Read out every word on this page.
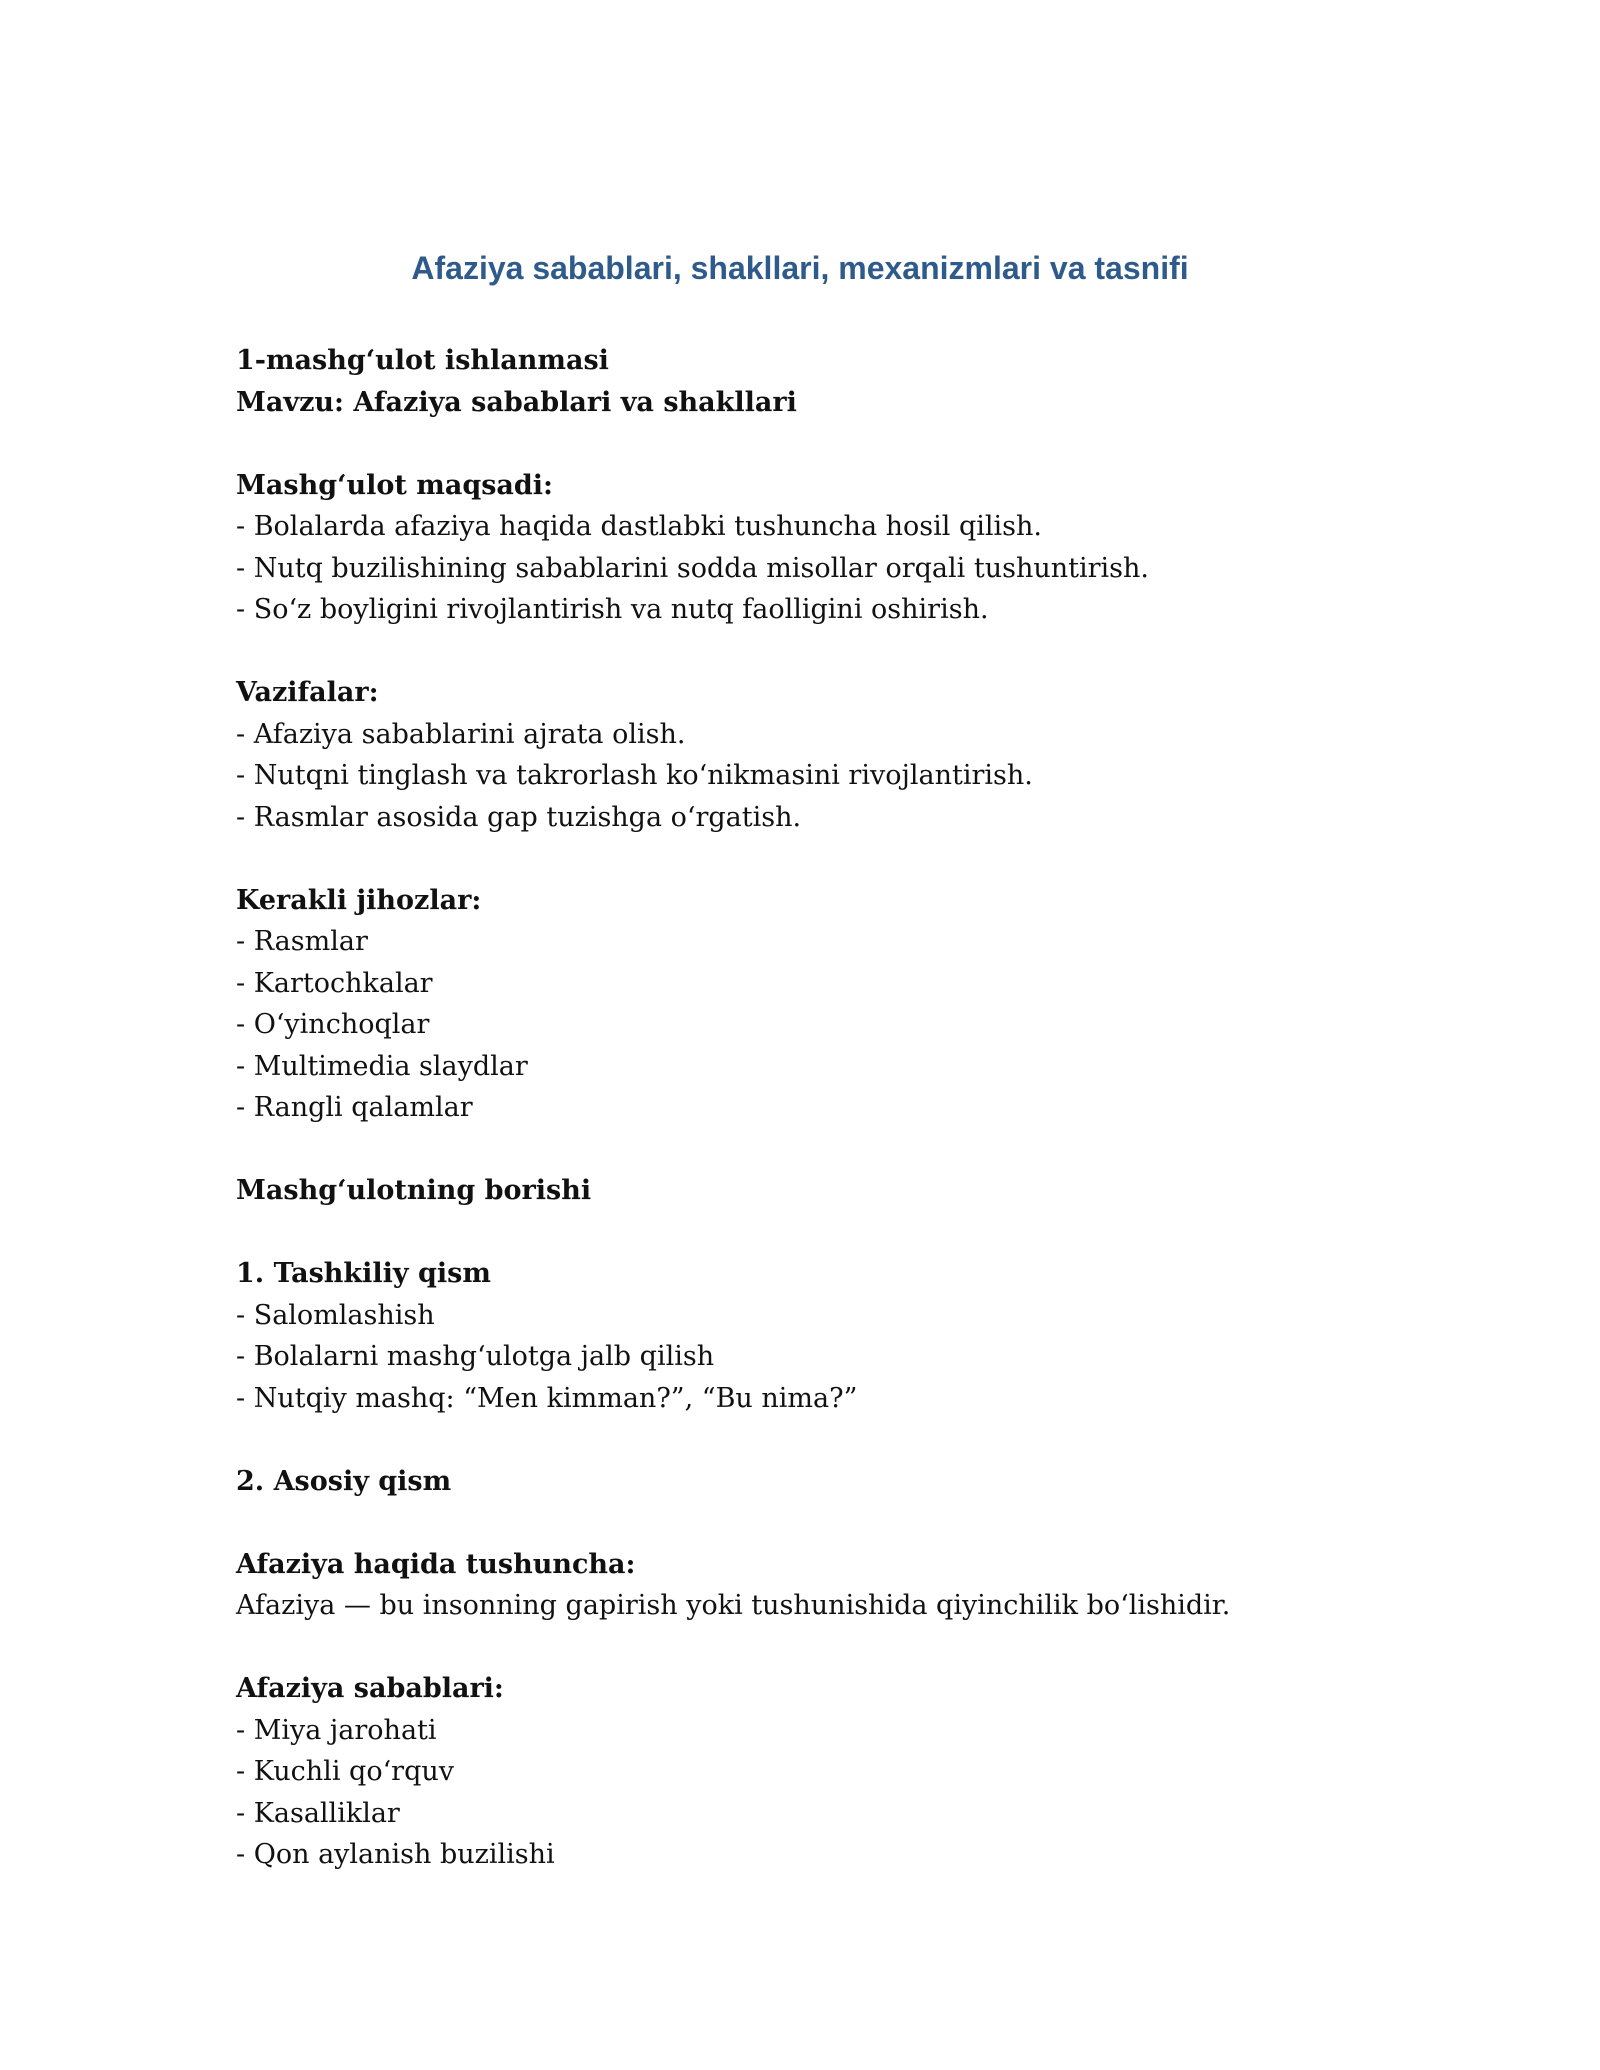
Afaziya sabablari, shakllari, mexanizmlari va tasnifi
1-mashg‘ulot ishlanmasi
Mavzu: Afaziya sabablari va shakllari
Mashg‘ulot maqsadi:
- Bolalarda afaziya haqida dastlabki tushuncha hosil qilish.
- Nutq buzilishining sabablarini sodda misollar orqali tushuntirish.
- So‘z boyligini rivojlantirish va nutq faolligini oshirish.
Vazifalar:
- Afaziya sabablarini ajrata olish.
- Nutqni tinglash va takrorlash ko‘nikmasini rivojlantirish.
- Rasmlar asosida gap tuzishga o‘rgatish.
Kerakli jihozlar:
- Rasmlar
- Kartochkalar
- O‘yinchoqlar
- Multimedia slaydlar
- Rangli qalamlar
Mashg‘ulotning borishi
1. Tashkiliy qism
- Salomlashish
- Bolalarni mashg‘ulotga jalb qilish
- Nutqiy mashq: “Men kimman?”, “Bu nima?”
2. Asosiy qism
Afaziya haqida tushuncha:
Afaziya — bu insonning gapirish yoki tushunishida qiyinchilik bo‘lishidir.
Afaziya sabablari:
- Miya jarohati
- Kuchli qo‘rquv
- Kasalliklar
- Qon aylanish buzilishi
